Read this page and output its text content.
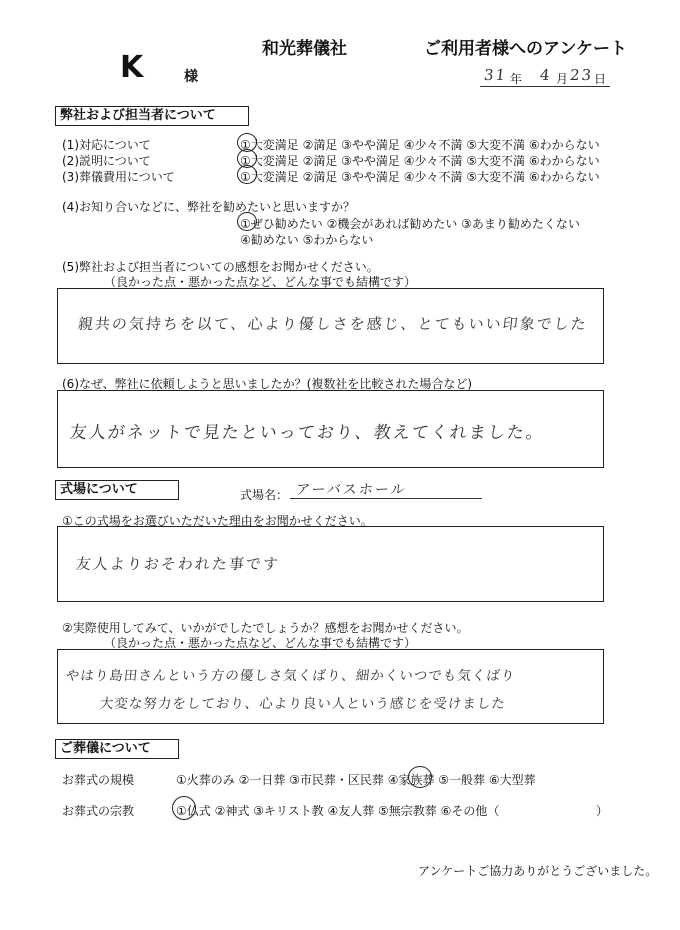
和光葬儀社	ご利用者様へのアンケート
K	様	31 年 4 月 23 日
弊社および担当者について
(1)対応について	①大変満足 ②満足 ③やや満足 ④少々不満 ⑤大変不満 ⑥わからない
(2)説明について	①大変満足 ②満足 ③やや満足 ④少々不満 ⑤大変不満 ⑥わからない
(3)葬儀費用について	①大変満足 ②満足 ③やや満足 ④少々不満 ⑤大変不満 ⑥わからない
(4)お知り合いなどに、弊社を勧めたいと思いますか？
①ぜひ勧めたい ②機会があれば勧めたい ③あまり勧めたくない
④勧めない ⑤わからない
(5)弊社および担当者についての感想をお聞かせください。
（良かった点・悪かった点など、どんな事でも結構です）
親共の気持ちを以て、心より優しさを感じ、とてもいい印象でした
(6)なぜ、弊社に依頼しようと思いましたか？(複数社を比較された場合など)
友人がネットで見たといっており、教えてくれました。
式場について	式場名： アーバスホール
①この式場をお選びいただいた理由をお聞かせください。
友人よりおそわれた事です
②実際使用してみて、いかがでしたでしょうか？感想をお聞かせください。
（良かった点・悪かった点など、どんな事でも結構です）
やはり島田さんという方の優しさ気くばり、細かくいつでも気くばり
大変な努力をしており、心より良い人という感じを受けました
ご葬儀について
お葬式の規模	①火葬のみ ②一日葬 ③市民葬・区民葬 ④家族葬 ⑤一般葬 ⑥大型葬
お葬式の宗教	①仏式 ②神式 ③キリスト教 ④友人葬 ⑤無宗教葬 ⑥その他（	）
アンケートご協力ありがとうございました。
